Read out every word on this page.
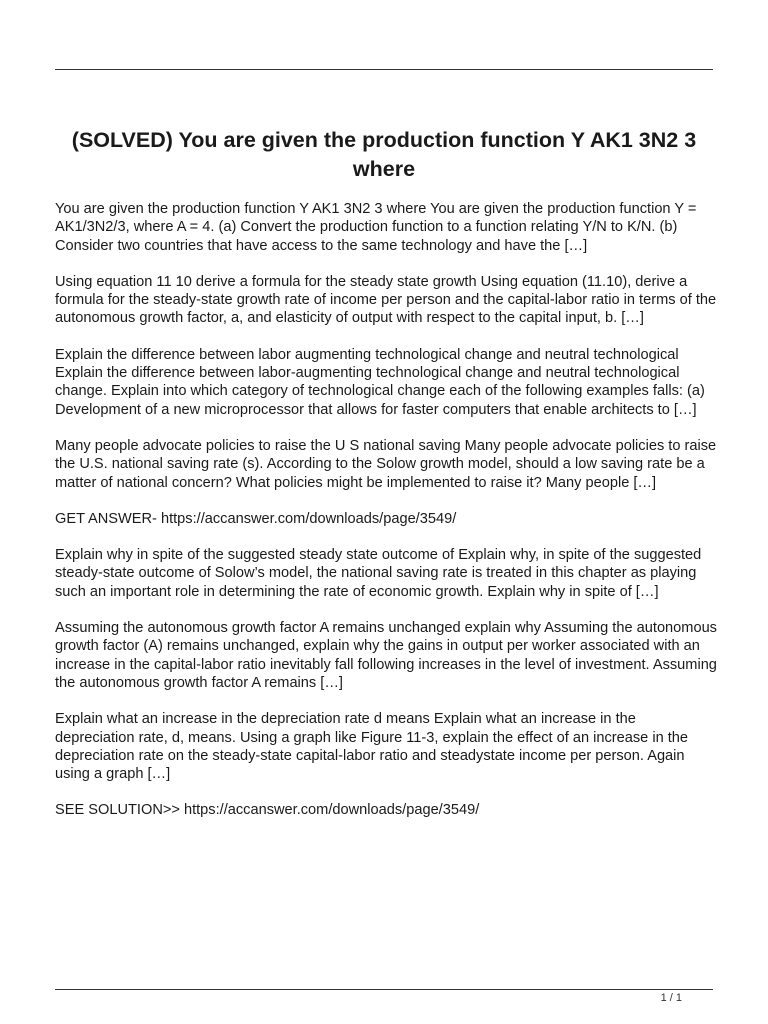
(SOLVED) You are given the production function Y AK1 3N2 3 where

You are given the production function Y AK1 3N2 3 where You are given the production function Y = AK1/3N2/3, where A = 4. (a) Convert the production function to a function relating Y/N to K/N. (b) Consider two countries that have access to the same technology and have the […]

Using equation 11 10 derive a formula for the steady state growth Using equation (11.10), derive a formula for the steady-state growth rate of income per person and the capital-labor ratio in terms of the autonomous growth factor, a, and elasticity of output with respect to the capital input, b. […]

Explain the difference between labor augmenting technological change and neutral technological Explain the difference between labor-augmenting technological change and neutral technological change. Explain into which category of technological change each of the following examples falls: (a) Development of a new microprocessor that allows for faster computers that enable architects to […]

Many people advocate policies to raise the U S national saving Many people advocate policies to raise the U.S. national saving rate (s). According to the Solow growth model, should a low saving rate be a matter of national concern? What policies might be implemented to raise it? Many people […]

GET ANSWER- https://accanswer.com/downloads/page/3549/

Explain why in spite of the suggested steady state outcome of Explain why, in spite of the suggested steady-state outcome of Solow’s model, the national saving rate is treated in this chapter as playing such an important role in determining the rate of economic growth. Explain why in spite of […]

Assuming the autonomous growth factor A remains unchanged explain why Assuming the autonomous growth factor (A) remains unchanged, explain why the gains in output per worker associated with an increase in the capital-labor ratio inevitably fall following increases in the level of investment. Assuming the autonomous growth factor A remains […]

Explain what an increase in the depreciation rate d means Explain what an increase in the depreciation rate, d, means. Using a graph like Figure 11-3, explain the effect of an increase in the depreciation rate on the steady-state capital-labor ratio and steadystate income per person. Again using a graph […]

SEE SOLUTION>> https://accanswer.com/downloads/page/3549/

1 / 1
